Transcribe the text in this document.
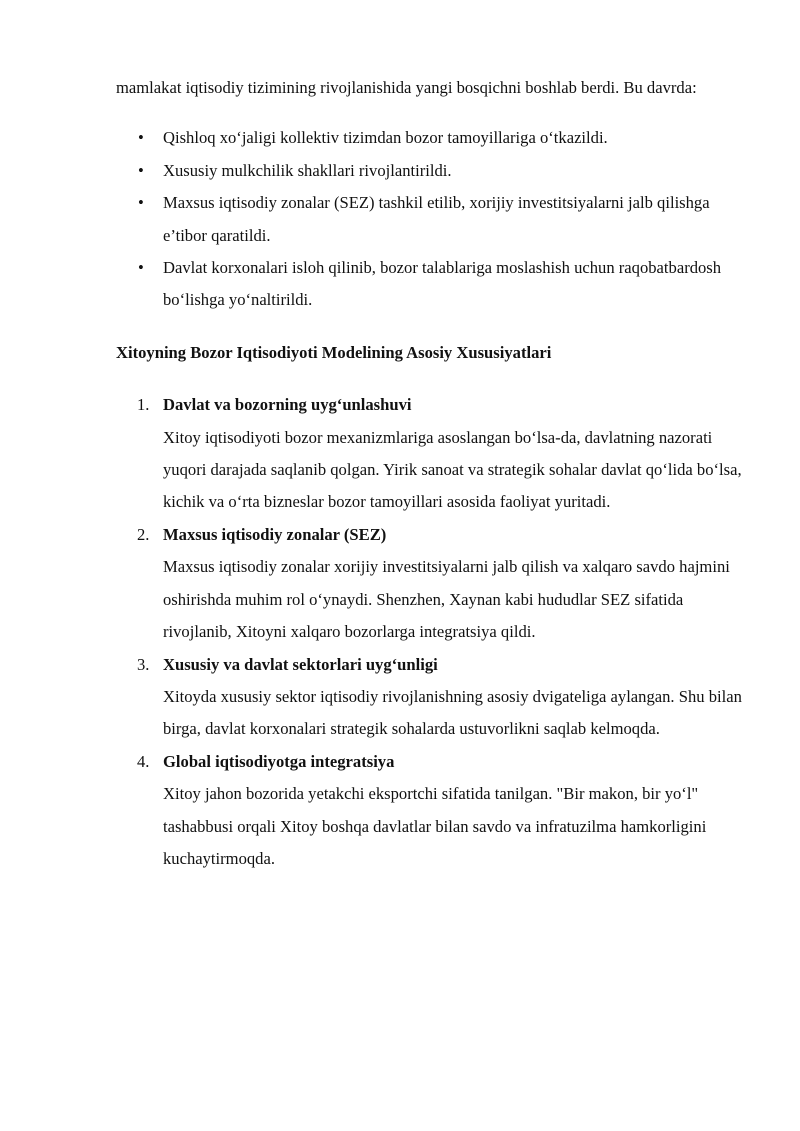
mamlakat iqtisodiy tizimining rivojlanishida yangi bosqichni boshlab berdi. Bu davrda:

• Qishloq xo‘jaligi kollektiv tizimdan bozor tamoyillariga o‘tkazildi.
• Xususiy mulkchilik shakllari rivojlantirildi.
• Maxsus iqtisodiy zonalar (SEZ) tashkil etilib, xorijiy investitsiyalarni jalb qilishga e’tibor qaratildi.
• Davlat korxonalari isloh qilinib, bozor talablariga moslashish uchun raqobatbardosh bo‘lishga yo‘naltirildi.
Xitoyning Bozor Iqtisodiyoti Modelining Asosiy Xususiyatlari
1. Davlat va bozorning uyg‘unlashuvi
Xitoy iqtisodiyoti bozor mexanizmlariga asoslangan bo‘lsa-da, davlatning nazorati yuqori darajada saqlanib qolgan. Yirik sanoat va strategik sohalar davlat qo‘lida bo‘lsa, kichik va o‘rta bizneslar bozor tamoyillari asosida faoliyat yuritadi.
2. Maxsus iqtisodiy zonalar (SEZ)
Maxsus iqtisodiy zonalar xorijiy investitsiyalarni jalb qilish va xalqaro savdo hajmini oshirishda muhim rol o‘ynaydi. Shenzhen, Xaynan kabi hududlar SEZ sifatida rivojlanib, Xitoyni xalqaro bozorlarga integratsiya qildi.
3. Xususiy va davlat sektorlari uyg‘unligi
Xitoyda xususiy sektor iqtisodiy rivojlanishning asosiy dvigateliga aylangan. Shu bilan birga, davlat korxonalari strategik sohalarda ustuvorlikni saqlab kelmoqda.
4. Global iqtisodiyotga integratsiya
Xitoy jahon bozorida yetakchi eksportchi sifatida tanilgan. "Bir makon, bir yo‘l" tashabbusi orqali Xitoy boshqa davlatlar bilan savdo va infratuzilma hamkorligini kuchaytirmoqda.
